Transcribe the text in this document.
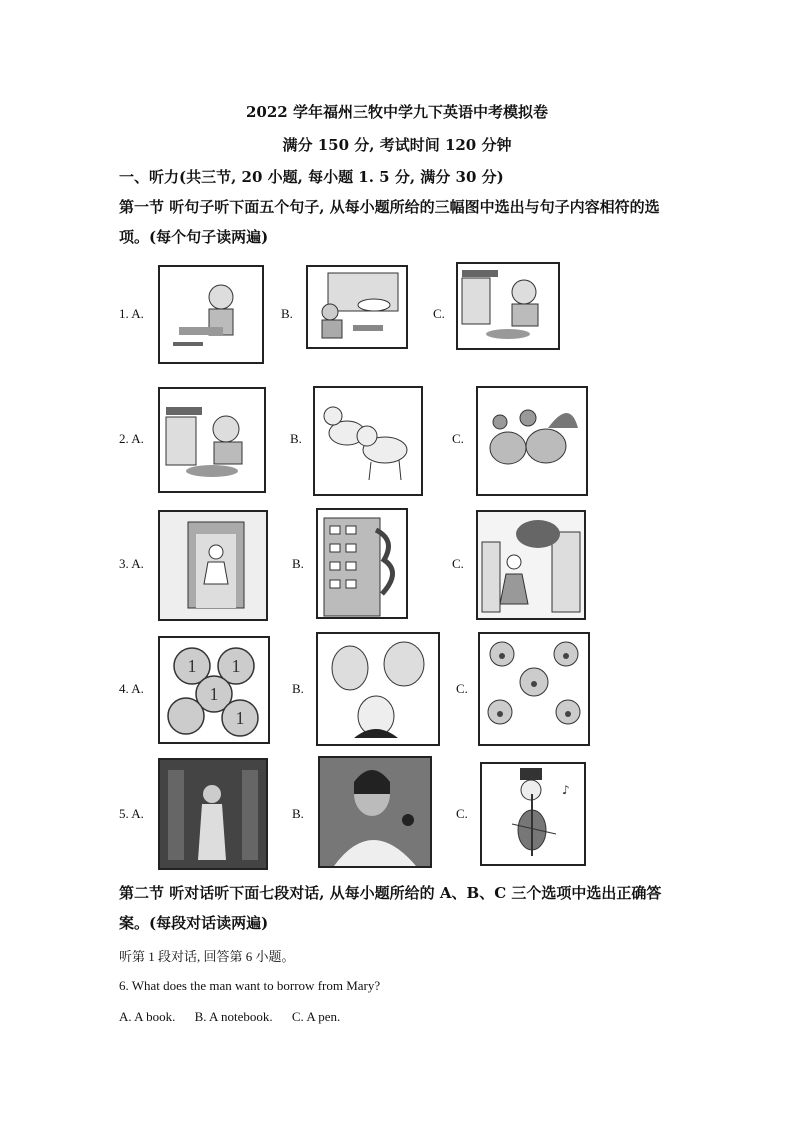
2022 学年福州三牧中学九下英语中考模拟卷
满分 150 分, 考试时间 120 分钟
一、听力(共三节, 20 小题, 每小题 1. 5 分, 满分 30 分)
第一节 听句子听下面五个句子, 从每小题所给的三幅图中选出与句子内容相符的选项。(每个句子读两遍)
1. A.	B.	C.
2. A.	B.	C.
3. A.	B.	C.
4. A.
1 1
1
1
B.	C.
5. A.	B.	C.
♪
第二节 听对话听下面七段对话, 从每小题所给的 A、B、C 三个选项中选出正确答案。(每段对话读两遍)
听第 1 段对话, 回答第 6 小题。
6. What does the man want to borrow from Mary?
A. A book. B. A notebook. C. A pen.
